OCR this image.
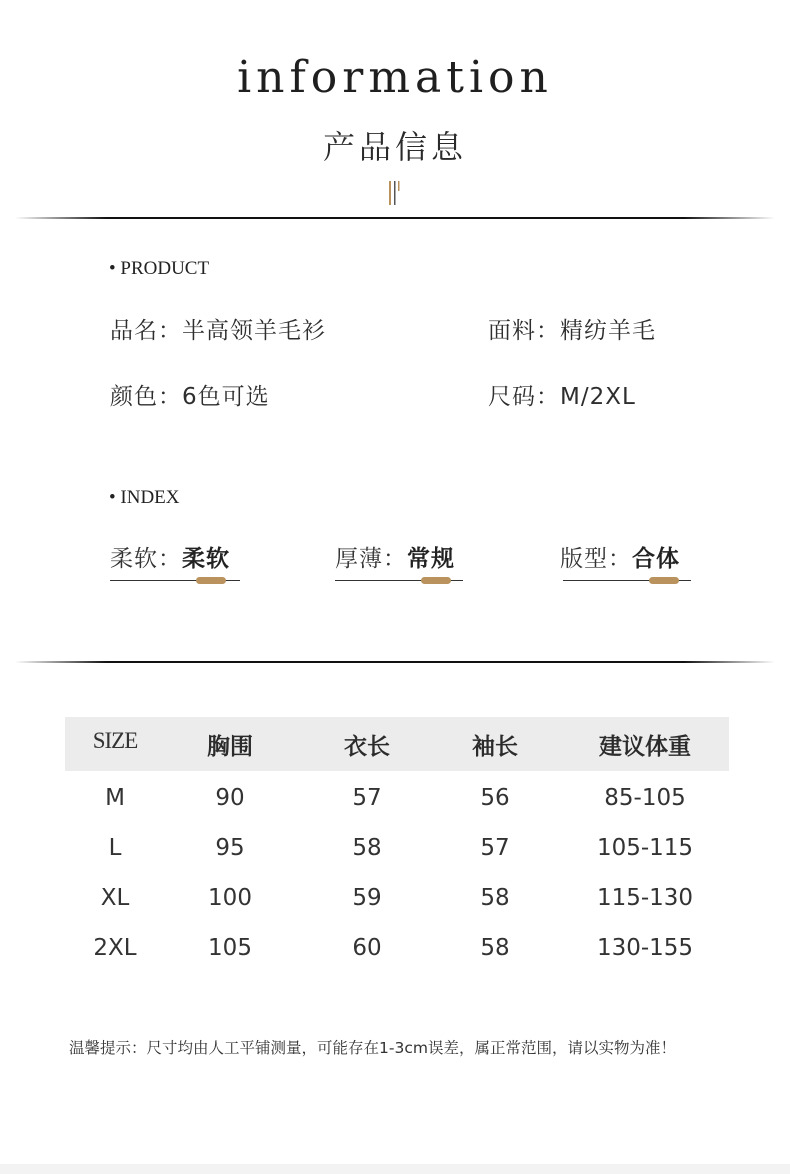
information
产品信息
• PRODUCT
品名：半高领羊毛衫	面料：精纺羊毛
颜色：6色可选	尺码：M/2XL
• INDEX
柔软：柔软	厚薄：常规	版型：合体
SIZE	胸围	衣长	袖长	建议体重
M	90	57	56	85-105
L	95	58	57	105-115
XL	100	59	58	115-130
2XL	105	60	58	130-155
温馨提示：尺寸均由人工平铺测量，可能存在1-3cm误差，属正常范围，请以实物为准！
